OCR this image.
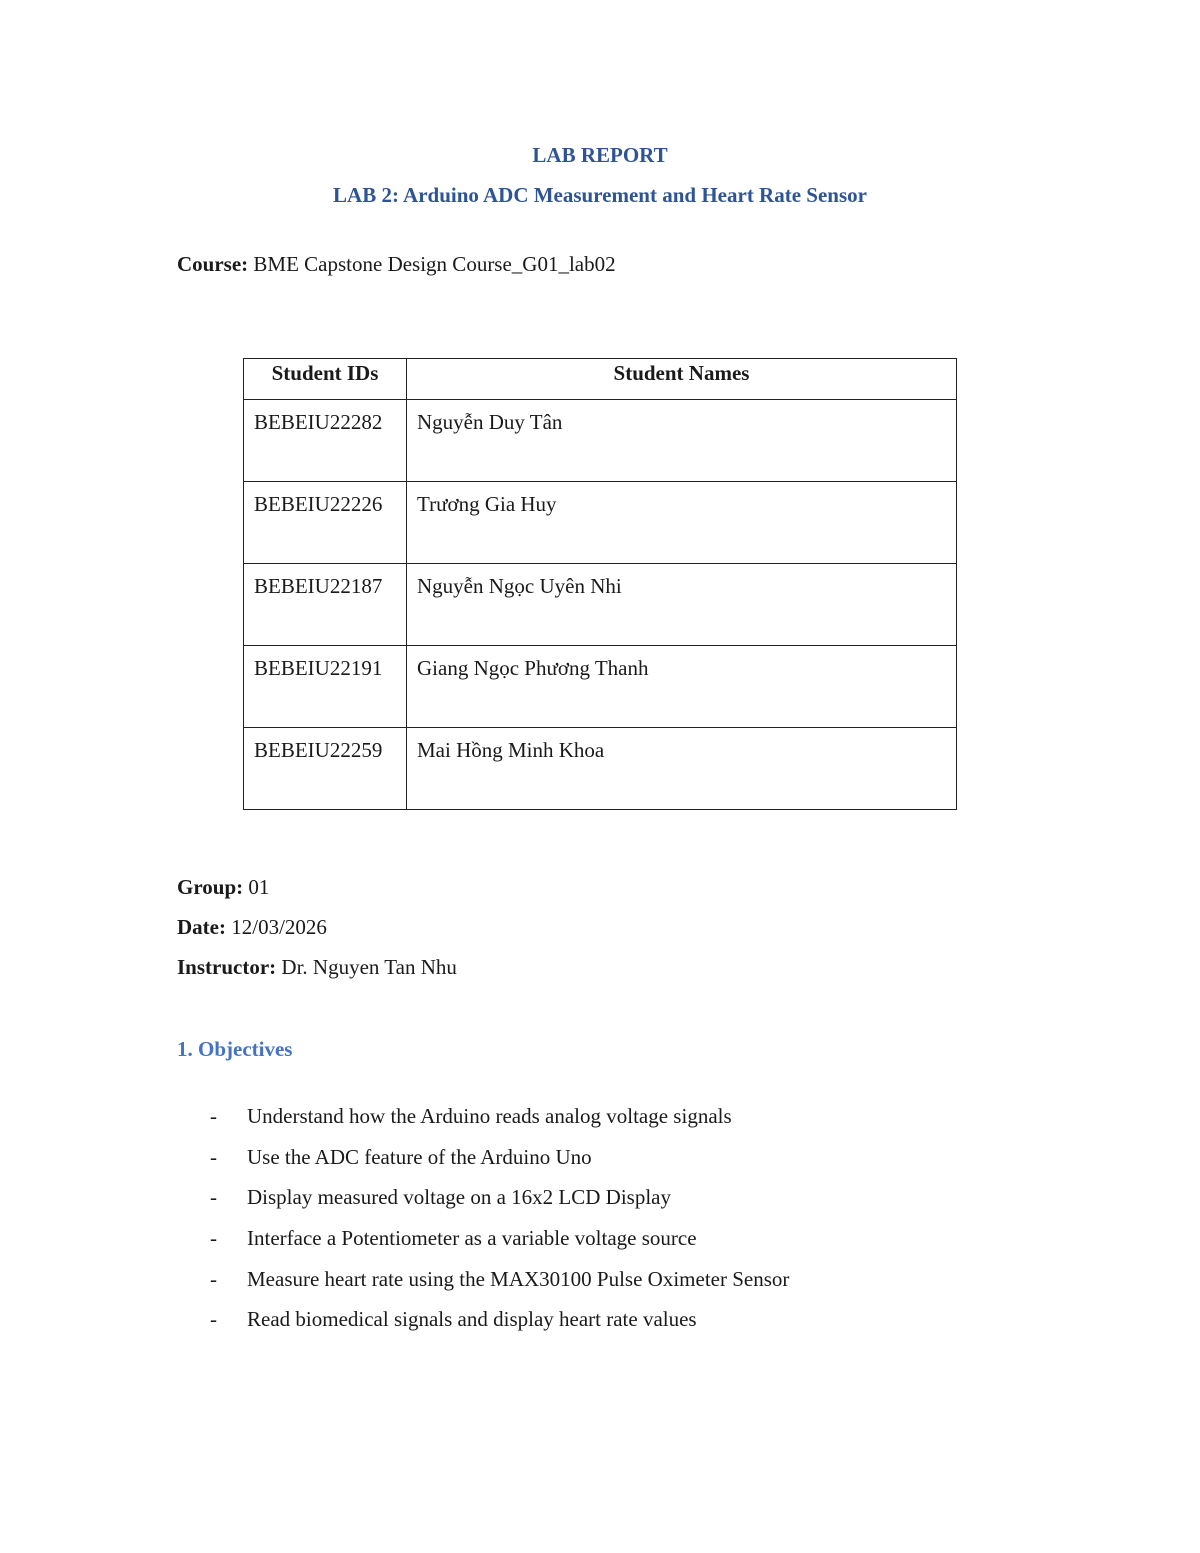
LAB REPORT
LAB 2: Arduino ADC Measurement and Heart Rate Sensor
Course: BME Capstone Design Course_G01_lab02
Student IDs	Student Names
BEBEIU22282	Nguyễn Duy Tân
BEBEIU22226	Trương Gia Huy
BEBEIU22187	Nguyễn Ngọc Uyên Nhi
BEBEIU22191	Giang Ngọc Phương Thanh
BEBEIU22259	Mai Hồng Minh Khoa
Group: 01
Date: 12/03/2026
Instructor: Dr. Nguyen Tan Nhu
1. Objectives
- Understand how the Arduino reads analog voltage signals
- Use the ADC feature of the Arduino Uno
- Display measured voltage on a 16x2 LCD Display
- Interface a Potentiometer as a variable voltage source
- Measure heart rate using the MAX30100 Pulse Oximeter Sensor
- Read biomedical signals and display heart rate values
